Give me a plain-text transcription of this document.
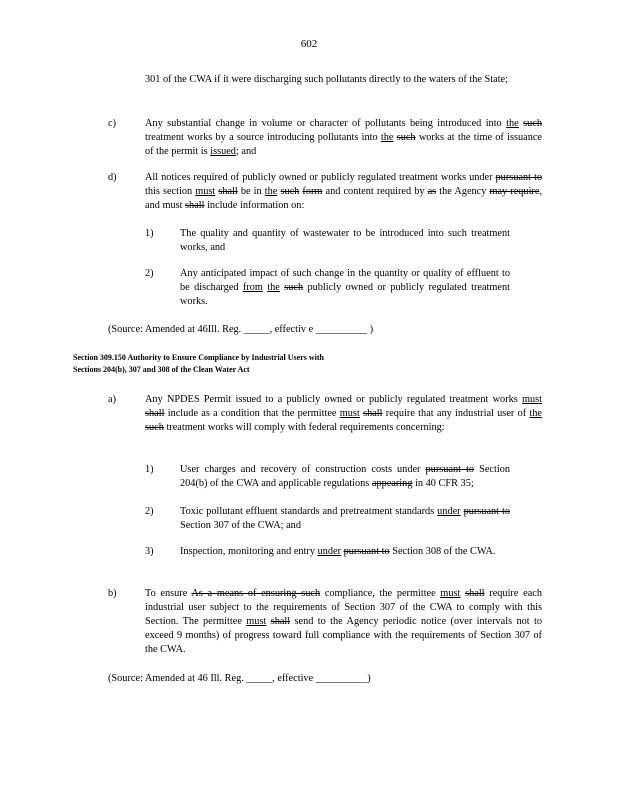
602

301 of the CWA if it were discharging such pollutants directly to the waters of the State;

c)	Any substantial change in volume or character of pollutants being introduced into the such treatment works by a source introducing pollutants into the such works at the time of issuance of the permit is issued; and

d)	All notices required of publicly owned or publicly regulated treatment works under pursuant to this section must shall be in the such form and content required by as the Agency may require, and must shall include information on:

1)	The quality and quantity of wastewater to be introduced into such treatment works, and

2)	Any anticipated impact of such change in the quantity or quality of effluent to be discharged from the such publicly owned or publicly regulated treatment works.

(Source: Amended at 46Ill. Reg. _____, effectiv e __________ )

Section 309.150 Authority to Ensure Compliance by Industrial Users with
Sections 204(b), 307 and 308 of the Clean Water Act
a)	Any NPDES Permit issued to a publicly owned or publicly regulated treatment works must shall include as a condition that the permittee must shall require that any industrial user of the such treatment works will comply with federal requirements concerning:

1)	User charges and recovery of construction costs under pursuant to Section 204(b) of the CWA and applicable regulations appearing in 40 CFR 35;

2)	Toxic pollutant effluent standards and pretreatment standards under pursuant to Section 307 of the CWA; and

3)	Inspection, monitoring and entry under pursuant to Section 308 of the CWA.

b)	To ensure As a means of ensuring such compliance, the permittee must shall require each industrial user subject to the requirements of Section 307 of the CWA to comply with this Section. The permittee must shall send to the Agency periodic notice (over intervals not to exceed 9 months) of progress toward full compliance with the requirements of Section 307 of the CWA.

(Source: Amended at 46 Ill. Reg. _____, effective __________)
